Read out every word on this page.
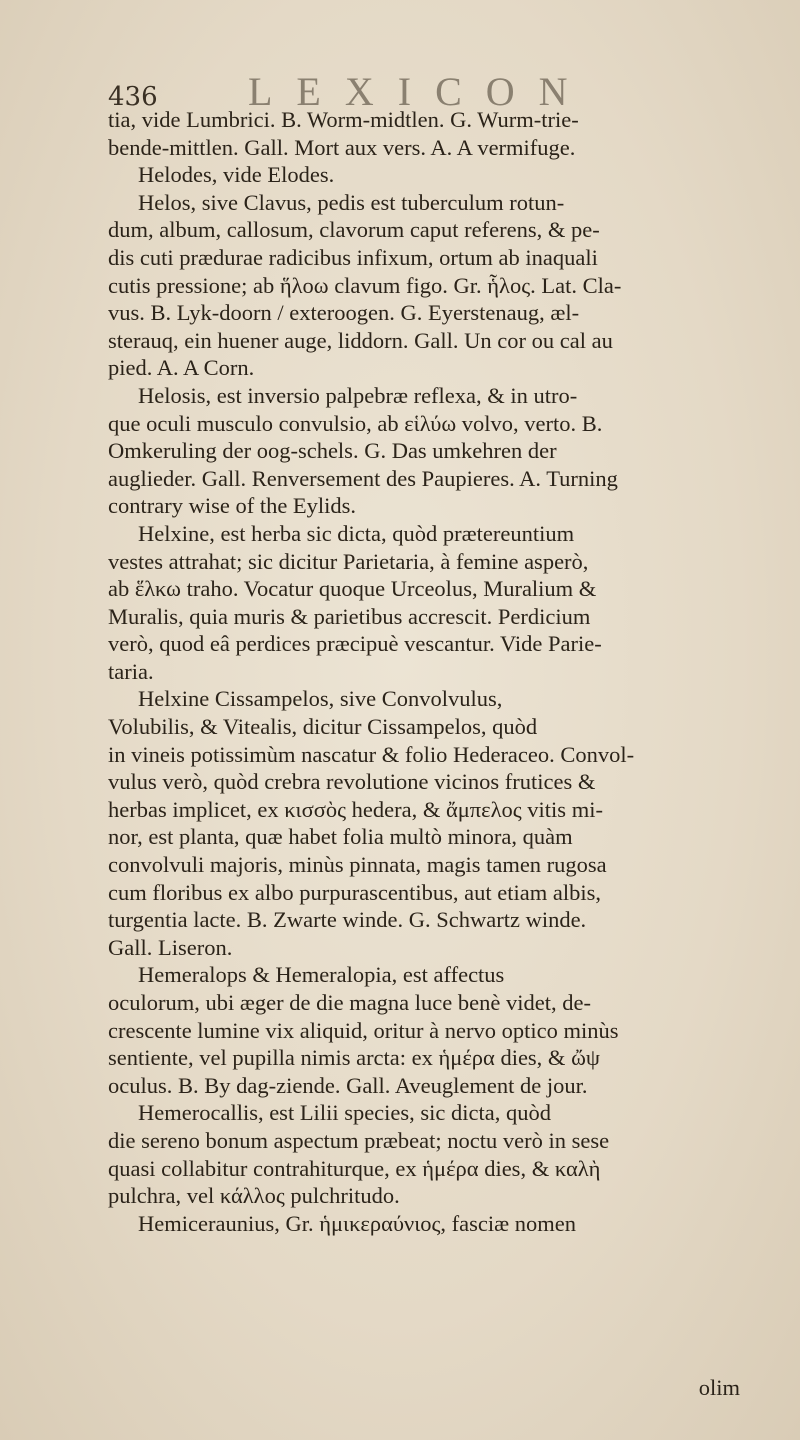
436 LEXICON
tia, vide Lumbrici. B. Worm-midtlen. G. Wurm-trie-
bende-mittlen. Gall. Mort aux vers. A. A vermifuge.
Helodes, vide Elodes.
Helos, sive Clavus, pedis est tuberculum rotun-
dum, album, callosum, clavorum caput referens, & pe-
dis cuti prædurae radicibus infixum, ortum ab inaquali
cutis pressione; ab ἥλοω clavum figo. Gr. ἧλος. Lat. Cla-
vus. B. Lyk-doorn / exteroogen. G. Eyerstenaug, æl-
sterauq, ein huener auge, liddorn. Gall. Un cor ou cal au
pied. A. A Corn.
Helosis, est inversio palpebræ reflexa, & in utro-
que oculi musculo convulsio, ab εἱλύω volvo, verto. B.
Omkeruling der oog-schels. G. Das umkehren der
auglieder. Gall. Renversement des Paupieres. A. Turning
contrary wise of the Eylids.
Helxine, est herba sic dicta, quòd prætereuntium
vestes attrahat; sic dicitur Parietaria, à femine asperò,
ab ἕλκω traho. Vocatur quoque Urceolus, Muralium &
Muralis, quia muris & parietibus accrescit. Perdicium
verò, quod eâ perdices præcipuè vescantur. Vide Parie-
taria.
Helxine Cissampelos, sive Convolvulus,
Volubilis, & Vitealis, dicitur Cissampelos, quòd
in vineis potissimùm nascatur & folio Hederaceo. Convol-
vulus verò, quòd crebra revolutione vicinos frutices &
herbas implicet, ex κισσὸς hedera, & ἄμπελος vitis mi-
nor, est planta, quæ habet folia multò minora, quàm
convolvuli majoris, minùs pinnata, magis tamen rugosa
cum floribus ex albo purpurascentibus, aut etiam albis,
turgentia lacte. B. Zwarte winde. G. Schwartz winde.
Gall. Liseron.
Hemeralops & Hemeralopia, est affectus
oculorum, ubi æger de die magna luce benè videt, de-
crescente lumine vix aliquid, oritur à nervo optico minùs
sentiente, vel pupilla nimis arcta: ex ἡμέρα dies, & ὤψ
oculus. B. By dag-ziende. Gall. Aveuglement de jour.
Hemerocallis, est Lilii species, sic dicta, quòd
die sereno bonum aspectum præbeat; noctu verò in sese
quasi collabitur contrahiturque, ex ἡμέρα dies, & καλὴ
pulchra, vel κάλλος pulchritudo.
Hemiceraunius, Gr. ἡμικεραύνιος, fasciæ nomen
olim
